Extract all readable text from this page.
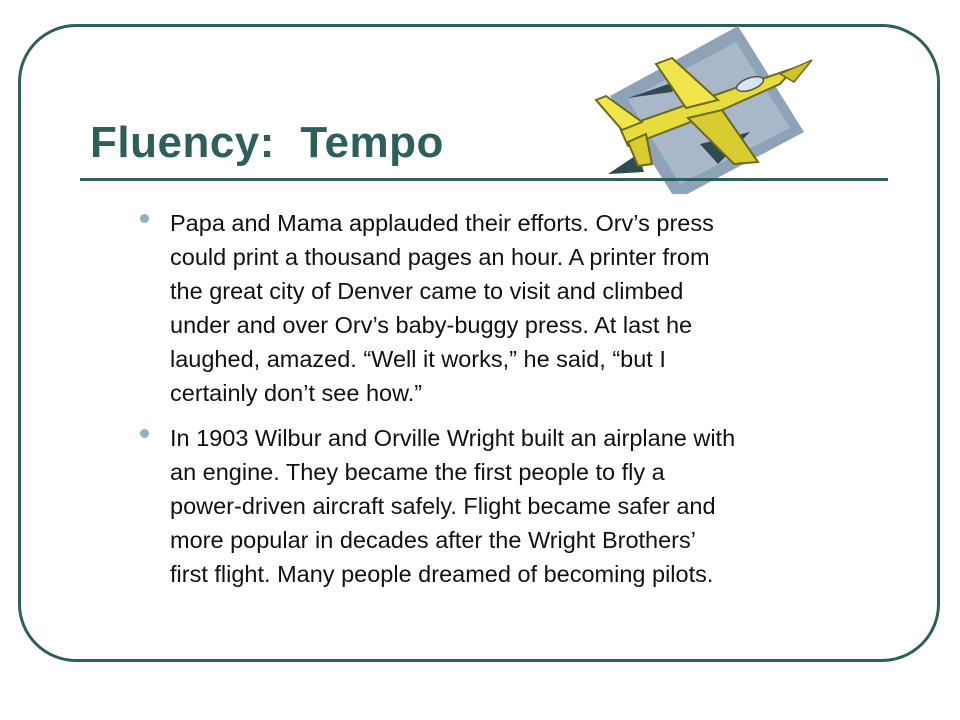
Fluency:  Tempo
Papa and Mama applauded their efforts. Orv’s press
could print a thousand pages an hour. A printer from
the great city of Denver came to visit and climbed
under and over Orv’s baby-buggy press. At last he
laughed, amazed. “Well it works,” he said, “but I
certainly don’t see how.”
In 1903 Wilbur and Orville Wright built an airplane with
an engine. They became the first people to fly a
power-driven aircraft safely. Flight became safer and
more popular in decades after the Wright Brothers’
first flight. Many people dreamed of becoming pilots.
